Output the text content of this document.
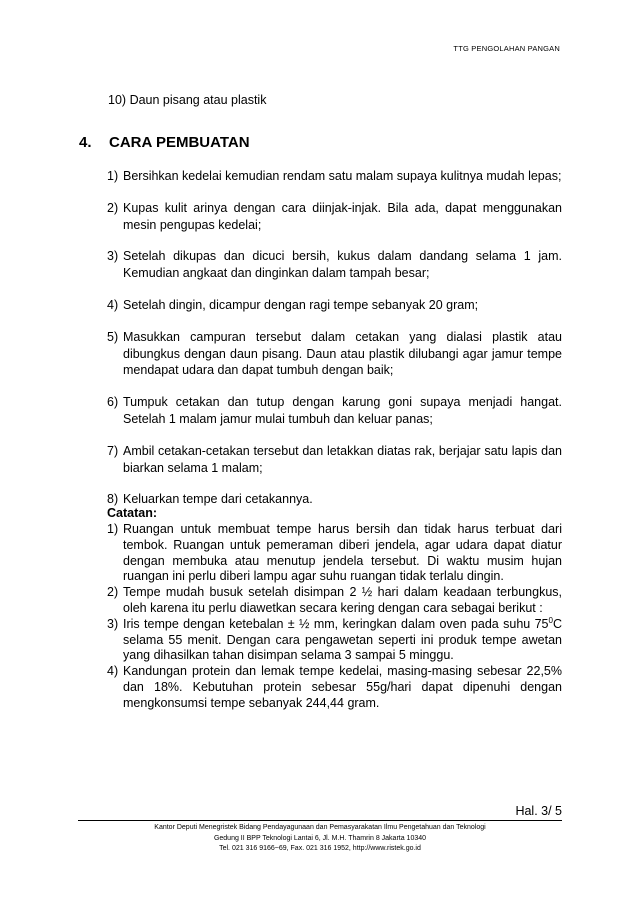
TTG PENGOLAHAN PANGAN
10) Daun pisang atau plastik
4. CARA PEMBUATAN
1) Bersihkan kedelai kemudian rendam satu malam supaya kulitnya mudah lepas;
2) Kupas kulit arinya dengan cara diinjak-injak. Bila ada, dapat menggunakan mesin pengupas kedelai;
3) Setelah dikupas dan dicuci bersih, kukus dalam dandang selama 1 jam. Kemudian angkaat dan dinginkan dalam tampah besar;
4) Setelah dingin, dicampur dengan ragi tempe sebanyak 20 gram;
5) Masukkan campuran tersebut dalam cetakan yang dialasi plastik atau dibungkus dengan daun pisang. Daun atau plastik dilubangi agar jamur tempe mendapat udara dan dapat tumbuh dengan baik;
6) Tumpuk cetakan dan tutup dengan karung goni supaya menjadi hangat. Setelah 1 malam jamur mulai tumbuh dan keluar panas;
7) Ambil cetakan-cetakan tersebut dan letakkan diatas rak, berjajar satu lapis dan biarkan selama 1 malam;
8) Keluarkan tempe dari cetakannya.
Catatan:
1) Ruangan untuk membuat tempe harus bersih dan tidak harus terbuat dari tembok. Ruangan untuk pemeraman diberi jendela, agar udara dapat diatur dengan membuka atau menutup jendela tersebut. Di waktu musim hujan ruangan ini perlu diberi lampu agar suhu ruangan tidak terlalu dingin.
2) Tempe mudah busuk setelah disimpan 2 ½ hari dalam keadaan terbungkus, oleh karena itu perlu diawetkan secara kering dengan cara sebagai berikut :
3) Iris tempe dengan ketebalan ± ½ mm, keringkan dalam oven pada suhu $75^0C$ selama 55 menit. Dengan cara pengawetan seperti ini produk tempe awetan yang dihasilkan tahan disimpan selama 3 sampai 5 minggu.
4) Kandungan protein dan lemak tempe kedelai, masing-masing sebesar 22,5% dan 18%. Kebutuhan protein sebesar 55g/hari dapat dipenuhi dengan mengkonsumsi tempe sebanyak 244,44 gram.
Hal. 3/ 5
Kantor Deputi Menegristek Bidang Pendayagunaan dan Pemasyarakatan Ilmu Pengetahuan dan Teknologi
Gedung II BPP Teknologi Lantai 6, Jl. M.H. Thamrin 8 Jakarta 10340
Tel. 021 316 9166~69, Fax. 021 316 1952, http://www.ristek.go.id
